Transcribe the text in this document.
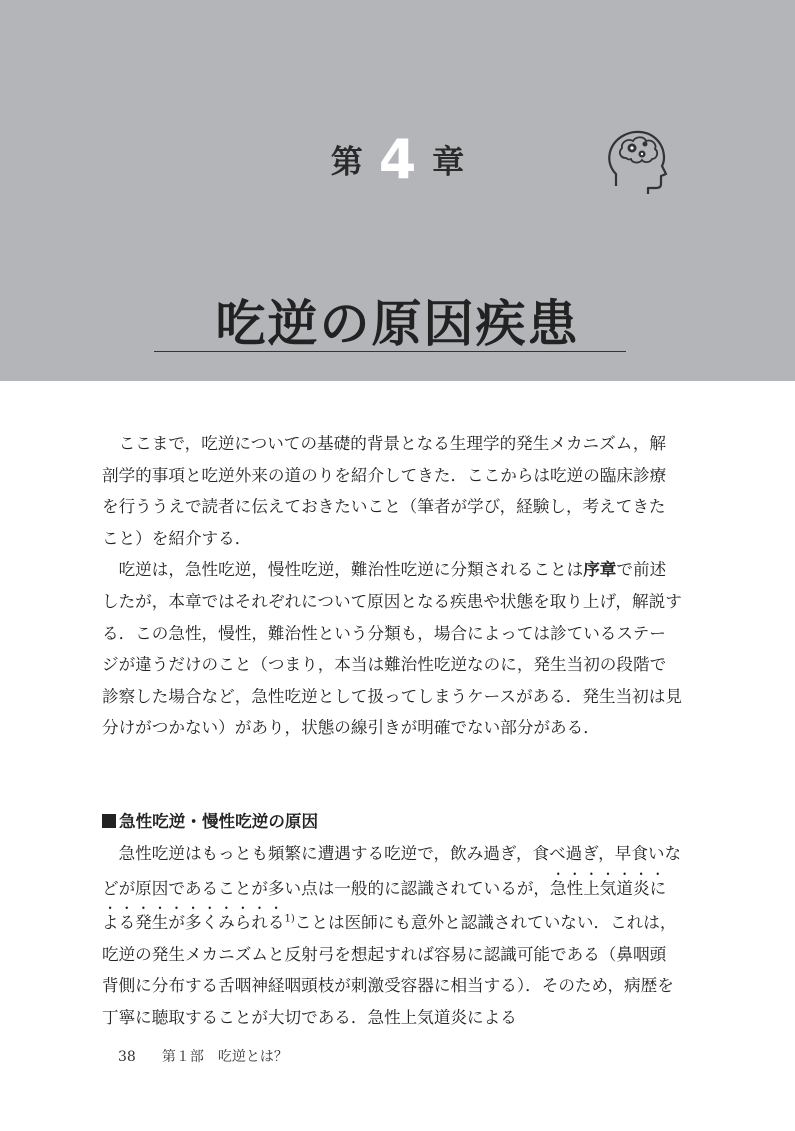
第 4 章
吃逆の原因疾患

ここまで，吃逆についての基礎的背景となる生理学的発生メカニズム，解剖学的事項と吃逆外来の道のりを紹介してきた．ここからは吃逆の臨床診療を行ううえで読者に伝えておきたいこと（筆者が学び，経験し，考えてきたこと）を紹介する．

吃逆は，急性吃逆，慢性吃逆，難治性吃逆に分類されることは序章で前述したが，本章ではそれぞれについて原因となる疾患や状態を取り上げ，解説する．この急性，慢性，難治性という分類も，場合によっては診ているステージが違うだけのこと（つまり，本当は難治性吃逆なのに，発生当初の段階で診察した場合など，急性吃逆として扱ってしまうケースがある．発生当初は見分けがつかない）があり，状態の線引きが明確でない部分がある．

急性吃逆・慢性吃逆の原因

急性吃逆はもっとも頻繁に遭遇する吃逆で，飲み過ぎ，食べ過ぎ，早食いなどが原因であることが多い点は一般的に認識されているが，急性上気道炎による発生が多くみられる$^{1)}$ことは医師にも意外と認識されていない．これは，吃逆の発生メカニズムと反射弓を想起すれば容易に認識可能である（鼻咽頭背側に分布する舌咽神経咽頭枝が刺激受容器に相当する）．そのため，病歴を丁寧に聴取することが大切である．急性上気道炎による

38 第１部　吃逆とは？
